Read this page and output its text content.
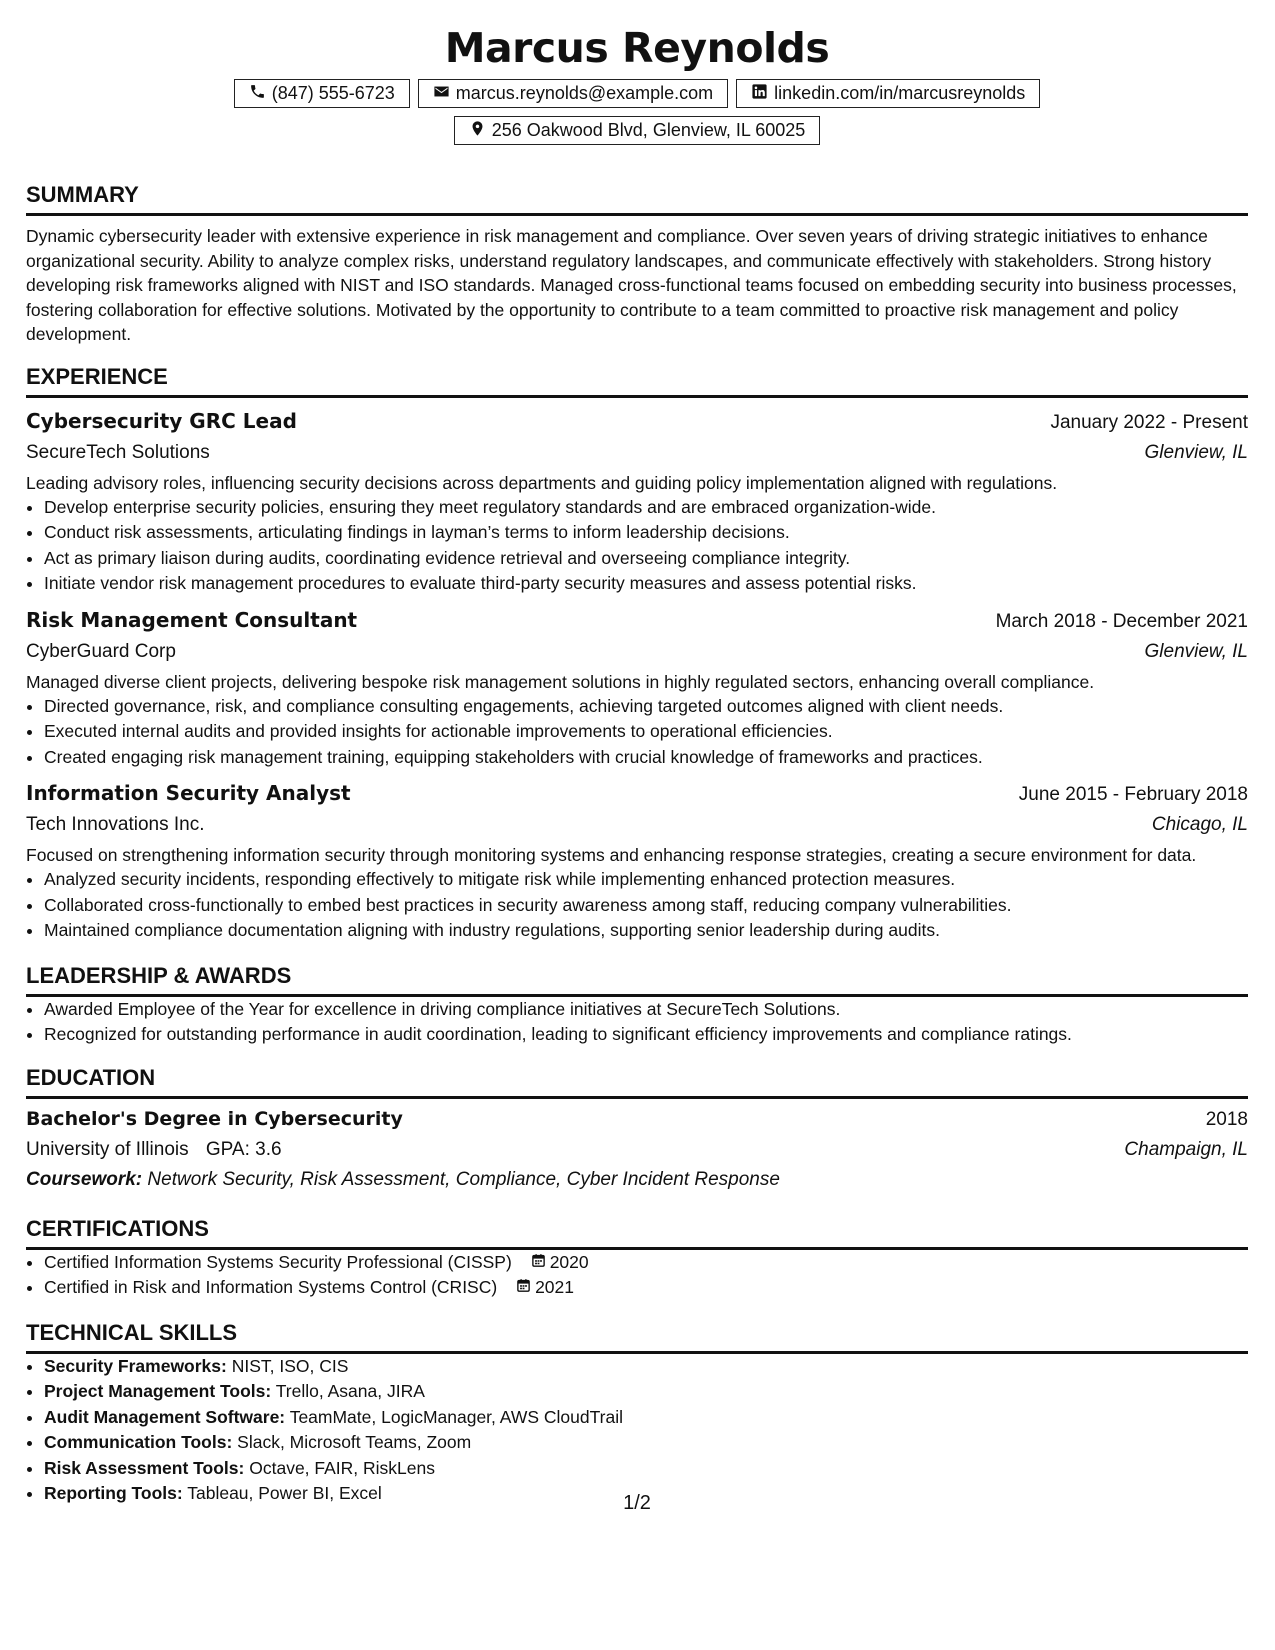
Marcus Reynolds
(847) 555-6723	marcus.reynolds@example.com	linkedin.com/in/marcusreynolds
256 Oakwood Blvd, Glenview, IL 60025
SUMMARY

Dynamic cybersecurity leader with extensive experience in risk management and compliance. Over seven years of driving strategic initiatives to enhance organizational security. Ability to analyze complex risks, understand regulatory landscapes, and communicate effectively with stakeholders. Strong history developing risk frameworks aligned with NIST and ISO standards. Managed cross-functional teams focused on embedding security into business processes, fostering collaboration for effective solutions. Motivated by the opportunity to contribute to a team committed to proactive risk management and policy development.

EXPERIENCE
Cybersecurity GRC Lead	January 2022 - Present
SecureTech Solutions	Glenview, IL
Leading advisory roles, influencing security decisions across departments and guiding policy implementation aligned with regulations.
• Develop enterprise security policies, ensuring they meet regulatory standards and are embraced organization-wide.
• Conduct risk assessments, articulating findings in layman’s terms to inform leadership decisions.
• Act as primary liaison during audits, coordinating evidence retrieval and overseeing compliance integrity.
• Initiate vendor risk management procedures to evaluate third-party security measures and assess potential risks.
Risk Management Consultant	March 2018 - December 2021
CyberGuard Corp	Glenview, IL
Managed diverse client projects, delivering bespoke risk management solutions in highly regulated sectors, enhancing overall compliance.
• Directed governance, risk, and compliance consulting engagements, achieving targeted outcomes aligned with client needs.
• Executed internal audits and provided insights for actionable improvements to operational efficiencies.
• Created engaging risk management training, equipping stakeholders with crucial knowledge of frameworks and practices.
Information Security Analyst	June 2015 - February 2018
Tech Innovations Inc.	Chicago, IL
Focused on strengthening information security through monitoring systems and enhancing response strategies, creating a secure environment for data.
• Analyzed security incidents, responding effectively to mitigate risk while implementing enhanced protection measures.
• Collaborated cross-functionally to embed best practices in security awareness among staff, reducing company vulnerabilities.
• Maintained compliance documentation aligning with industry regulations, supporting senior leadership during audits.
LEADERSHIP & AWARDS
• Awarded Employee of the Year for excellence in driving compliance initiatives at SecureTech Solutions.
• Recognized for outstanding performance in audit coordination, leading to significant efficiency improvements and compliance ratings.
EDUCATION
Bachelor's Degree in Cybersecurity	2018
University of Illinois GPA: 3.6	Champaign, IL
Coursework: Network Security, Risk Assessment, Compliance, Cyber Incident Response
CERTIFICATIONS
• Certified Information Systems Security Professional (CISSP) 2020
• Certified in Risk and Information Systems Control (CRISC) 2021
TECHNICAL SKILLS
• Security Frameworks: NIST, ISO, CIS
• Project Management Tools: Trello, Asana, JIRA
• Audit Management Software: TeamMate, LogicManager, AWS CloudTrail
• Communication Tools: Slack, Microsoft Teams, Zoom
• Risk Assessment Tools: Octave, FAIR, RiskLens
• Reporting Tools: Tableau, Power BI, Excel	1/2
